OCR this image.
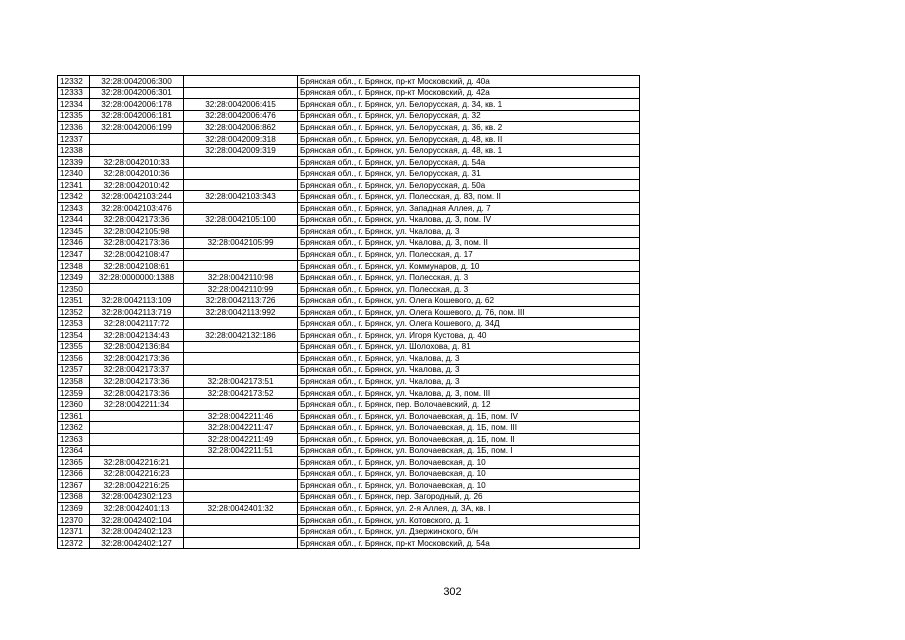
12332	32:28:0042006:300		Брянская обл., г. Брянск, пр-кт Московский, д. 40а
12333	32:28:0042006:301		Брянская обл., г. Брянск, пр-кт Московский, д. 42а
12334	32:28:0042006:178	32:28:0042006:415	Брянская обл., г. Брянск, ул. Белорусская, д. 34, кв. 1
12335	32:28:0042006:181	32:28:0042006:476	Брянская обл., г. Брянск, ул. Белорусская, д. 32
12336	32:28:0042006:199	32:28:0042006:862	Брянская обл., г. Брянск, ул. Белорусская, д. 36, кв. 2
12337		32:28:0042009:318	Брянская обл., г. Брянск, ул. Белорусская, д. 48, кв. II
12338		32:28:0042009:319	Брянская обл., г. Брянск, ул. Белорусская, д. 48, кв. 1
12339	32:28:0042010:33		Брянская обл., г. Брянск, ул. Белорусская, д. 54а
12340	32:28:0042010:36		Брянская обл., г. Брянск, ул. Белорусская, д. 31
12341	32:28:0042010:42		Брянская обл., г. Брянск, ул. Белорусская, д. 50а
12342	32:28:0042103:244	32:28:0042103:343	Брянская обл., г. Брянск, ул. Полесская, д. 83, пом. II
12343	32:28:0042103:476		Брянская обл., г. Брянск, ул. Западная Аллея, д. 7
12344	32:28:0042173:36	32:28:0042105:100	Брянская обл., г. Брянск, ул. Чкалова, д. 3, пом. IV
12345	32:28:0042105:98		Брянская обл., г. Брянск, ул. Чкалова, д. 3
12346	32:28:0042173:36	32:28:0042105:99	Брянская обл., г. Брянск, ул. Чкалова, д. 3, пом. II
12347	32:28:0042108:47		Брянская обл., г. Брянск, ул. Полесская, д. 17
12348	32:28:0042108:61		Брянская обл., г. Брянск, ул. Коммунаров, д. 10
12349	32:28:0000000:1388	32:28:0042110:98	Брянская обл., г. Брянск, ул. Полесская, д. 3
12350		32:28:0042110:99	Брянская обл., г. Брянск, ул. Полесская, д. 3
12351	32:28:0042113:109	32:28:0042113:726	Брянская обл., г. Брянск, ул. Олега Кошевого, д. 62
12352	32:28:0042113:719	32:28:0042113:992	Брянская обл., г. Брянск, ул. Олега Кошевого, д. 76, пом. III
12353	32:28:0042117:72		Брянская обл., г. Брянск, ул. Олега Кошевого, д. 34Д
12354	32:28:0042134:43	32:28:0042132:186	Брянская обл., г. Брянск, ул. Игоря Кустова, д. 40
12355	32:28:0042136:84		Брянская обл., г. Брянск, ул. Шолохова, д. 81
12356	32:28:0042173:36		Брянская обл., г. Брянск, ул. Чкалова, д. 3
12357	32:28:0042173:37		Брянская обл., г. Брянск, ул. Чкалова, д. 3
12358	32:28:0042173:36	32:28:0042173:51	Брянская обл., г. Брянск, ул. Чкалова, д. 3
12359	32:28:0042173:36	32:28:0042173:52	Брянская обл., г. Брянск, ул. Чкалова, д. 3, пом. III
12360	32:28:0042211:34		Брянская обл., г. Брянск, пер. Волочаевский, д. 12
12361		32:28:0042211:46	Брянская обл., г. Брянск, ул. Волочаевская, д. 1Б, пом. IV
12362		32:28:0042211:47	Брянская обл., г. Брянск, ул. Волочаевская, д. 1Б, пом. III
12363		32:28:0042211:49	Брянская обл., г. Брянск, ул. Волочаевская, д. 1Б, пом. II
12364		32:28:0042211:51	Брянская обл., г. Брянск, ул. Волочаевская, д. 1Б, пом. I
12365	32:28:0042216:21		Брянская обл., г. Брянск, ул. Волочаевская, д. 10
12366	32:28:0042216:23		Брянская обл., г. Брянск, ул. Волочаевская, д. 10
12367	32:28:0042216:25		Брянская обл., г. Брянск, ул. Волочаевская, д. 10
12368	32:28:0042302:123		Брянская обл., г. Брянск, пер. Загородный, д. 26
12369	32:28:0042401:13	32:28:0042401:32	Брянская обл., г. Брянск, ул. 2-я Аллея, д. 3А, кв. I
12370	32:28:0042402:104		Брянская обл., г. Брянск, ул. Котовского, д. 1
12371	32:28:0042402:123		Брянская обл., г. Брянск, ул. Дзержинского, б/н
12372	32:28:0042402:127		Брянская обл., г. Брянск, пр-кт Московский, д. 54а
302
